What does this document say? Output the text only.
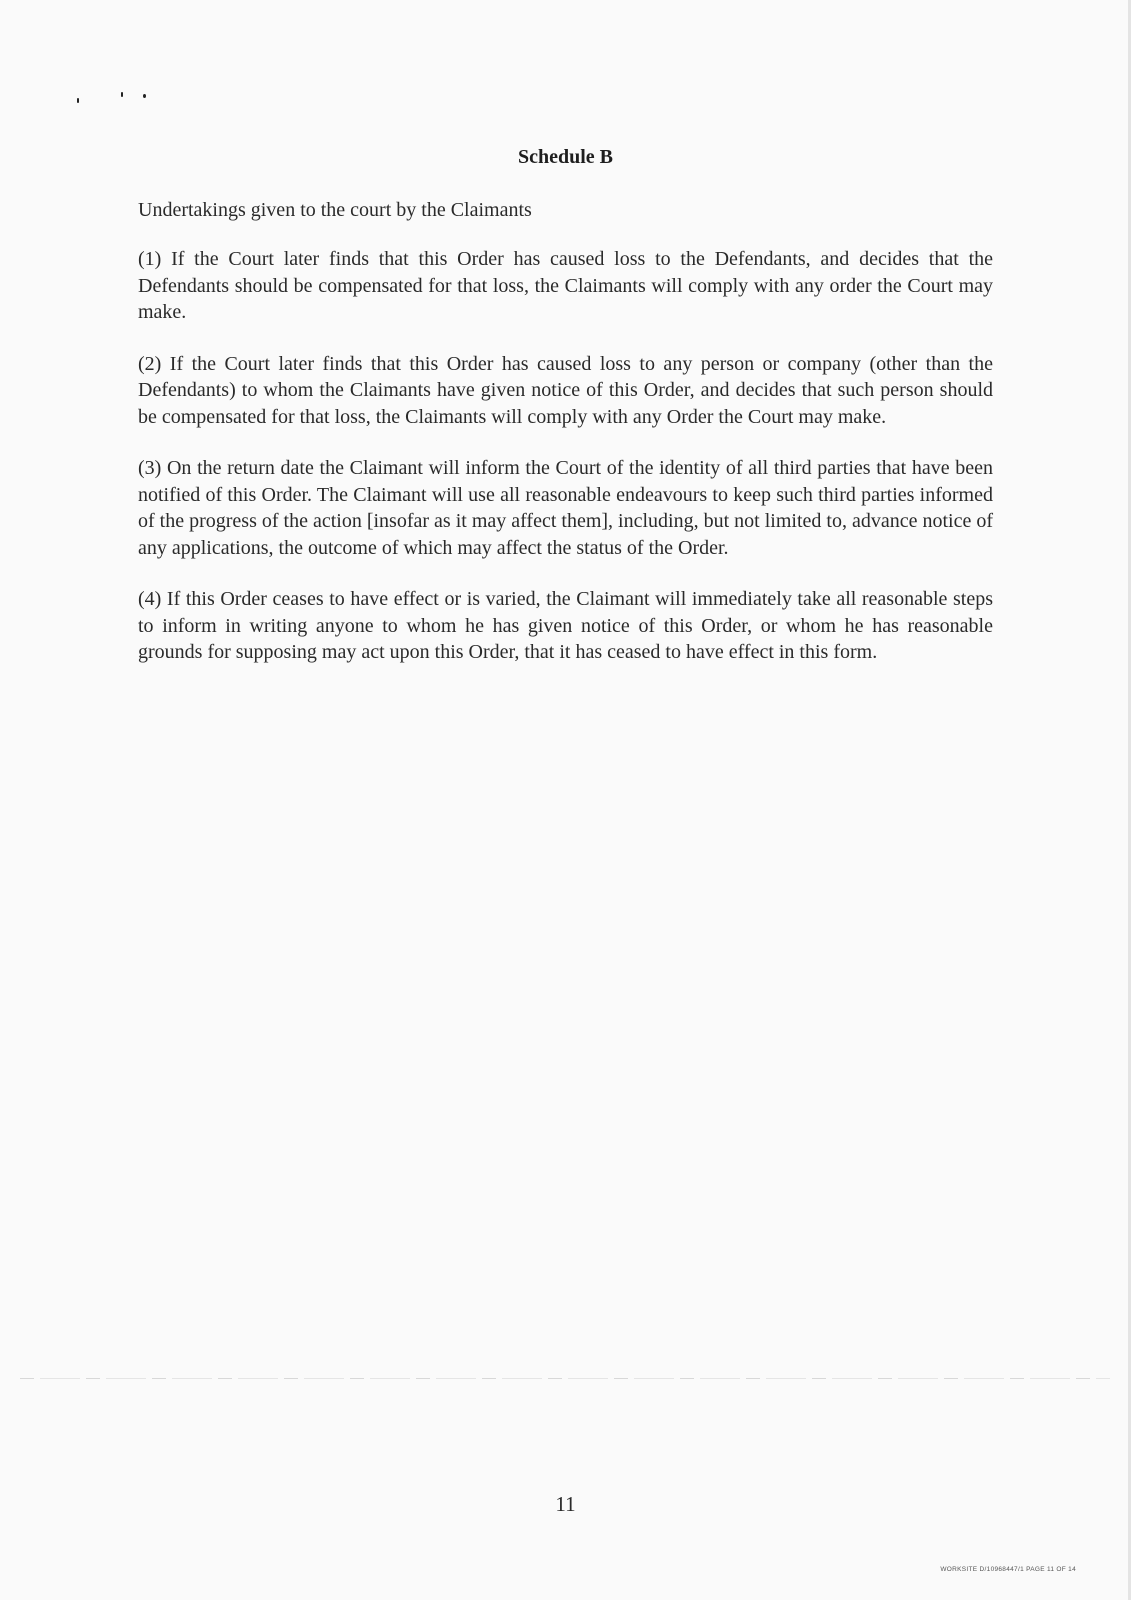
Schedule B
Undertakings given to the court by the Claimants

(1) If the Court later finds that this Order has caused loss to the Defendants, and decides that the Defendants should be compensated for that loss, the Claimants will comply with any order the Court may make.

(2) If the Court later finds that this Order has caused loss to any person or company (other than the Defendants) to whom the Claimants have given notice of this Order, and decides that such person should be compensated for that loss, the Claimants will comply with any Order the Court may make.

(3) On the return date the Claimant will inform the Court of the identity of all third parties that have been notified of this Order. The Claimant will use all reasonable endeavours to keep such third parties informed of the progress of the action [insofar as it may affect them], including, but not limited to, advance notice of any applications, the outcome of which may affect the status of the Order.

(4) If this Order ceases to have effect or is varied, the Claimant will immediately take all reasonable steps to inform in writing anyone to whom he has given notice of this Order, or whom he has reasonable grounds for supposing may act upon this Order, that it has ceased to have effect in this form.

11
WORKSITE D/10968447/1 PAGE 11 OF 14
